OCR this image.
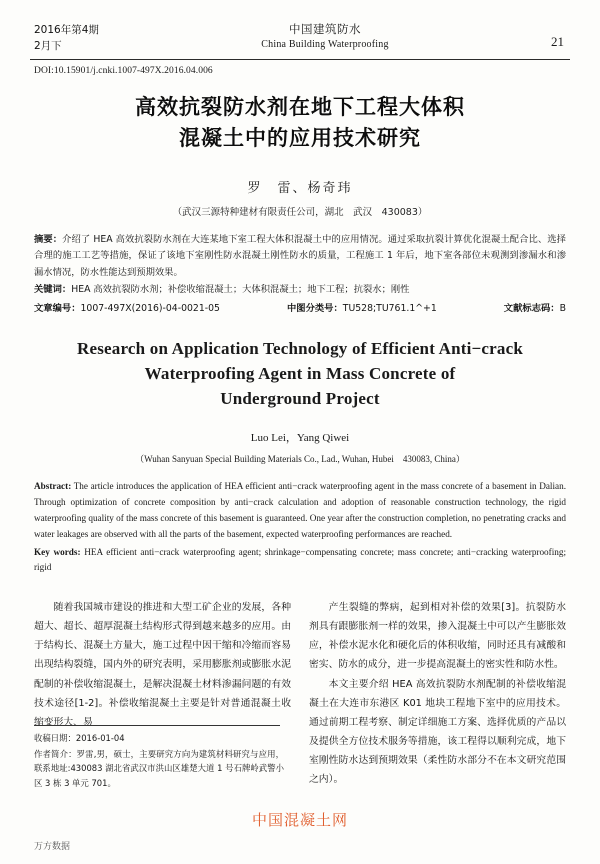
2016年第4期
2月下
中国建筑防水
China Building Waterproofing	21
DOI:10.15901/j.cnki.1007-497X.2016.04.006
高效抗裂防水剂在地下工程大体积
混凝土中的应用技术研究
罗　雷、杨奇玮
（武汉三源特种建材有限责任公司，湖北　武汉　430083）

摘要：介绍了 HEA 高效抗裂防水剂在大连某地下室工程大体积混凝土中的应用情况。通过采取抗裂计算优化混凝土配合比、选择合理的施工工艺等措施，保证了该地下室刚性防水混凝土刚性防水的质量，工程施工 1 年后，地下室各部位未观测到渗漏水和渗漏水情况，防水性能达到预期效果。

关键词：HEA 高效抗裂防水剂；补偿收缩混凝土；大体积混凝土；地下工程；抗裂水；刚性

文章编号：1007-497X(2016)-04-0021-05	中图分类号：TU528;TU761.1^+1	文献标志码：B
Research on Application Technology of Efficient Anti−crack
Waterproofing Agent in Mass Concrete of
Underground Project
Luo Lei，Yang Qiwei
（Wuhan Sanyuan Special Building Materials Co., Lad., Wuhan, Hubei　430083, China）

Abstract: The article introduces the application of HEA efficient anti−crack waterproofing agent in the mass concrete of a basement in Dalian. Through optimization of concrete composition by anti−crack calculation and adoption of reasonable construction technology, the rigid waterproofing quality of the mass concrete of this basement is guaranteed. One year after the construction completion, no penetrating cracks and water leakages are observed with all the parts of the basement, expected waterproofing performances are reached.

Key words: HEA efficient anti−crack waterproofing agent; shrinkage−compensating concrete; mass concrete; anti−cracking waterproofing; rigid

随着我国城市建设的推进和大型工矿企业的发展，各种超大、超长、超厚混凝土结构形式得到越来越多的应用。由于结构长、混凝土方量大，施工过程中因干缩和冷缩而容易出现结构裂缝，国内外的研究表明，采用膨胀剂或膨胀水泥配制的补偿收缩混凝土，是解决混凝土材料渗漏问题的有效技术途径[1-2]。补偿收缩混凝土主要是针对普通混凝土收缩变形大、易

产生裂缝的弊病，起到相对补偿的效果[3]。抗裂防水剂具有跟膨胀剂一样的效果，掺入混凝土中可以产生膨胀效应，补偿水泥水化和硬化后的体积收缩，同时还具有减酸和密实、防水的成分，进一步提高混凝土的密实性和防水性。

本文主要介绍 HEA 高效抗裂防水剂配制的补偿收缩混凝土在大连市东港区 K01 地块工程地下室中的应用技术。通过前期工程考察、制定详细施工方案、选择优质的产品以及提供全方位技术服务等措施，该工程得以顺利完成，地下室刚性防水达到预期效果（柔性防水部分不在本文研究范围之内）。

收稿日期：2016-01-04

作者简介：罗雷,男，硕士，主要研究方向为建筑材料研究与应用，联系地址:430083 湖北省武汉市洪山区雄楚大道 1 号石牌岭武警小区 3 栋 3 单元 701。

中国混凝土网
万方数据
